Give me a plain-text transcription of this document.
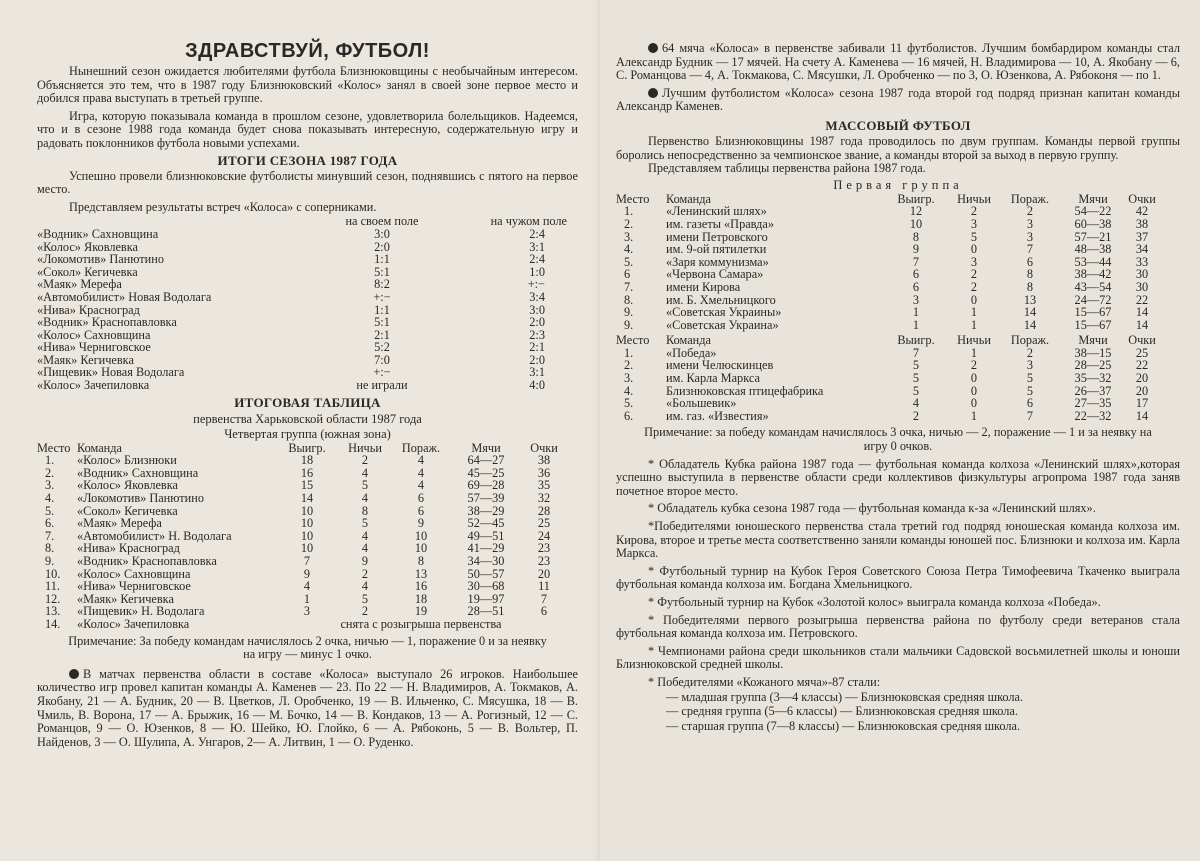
ЗДРАВСТВУЙ, ФУТБОЛ!

Нынешний сезон ожидается любителями футбола Близнюковщины с необычайным интересом. Объясняется это тем, что в 1987 году Близнюковский «Колос» занял в своей зоне первое место и добился права выступать в третьей группе.

Игра, которую показывала команда в прошлом сезоне, удовлетворила болельщиков. Надеемся, что и в сезоне 1988 года команда будет снова показывать интересную, содержательную игру и радовать поклонников футбола новыми успехами.

ИТОГИ СЕЗОНА 1987 ГОДА

Успешно провели близнюковские футболисты минувший сезон, поднявшись с пятого на первое место.

Представляем результаты встреч «Колоса» с соперниками.

	на своем поле	на чужом поле
«Водник» Сахновщина	3:0	2:4
«Колос» Яковлевка	2:0	3:1
«Локомотив» Панютино	1:1	2:4
«Сокол» Кегичевка	5:1	1:0
«Маяк» Мерефа	8:2	+:−
«Автомобилист» Новая Водолага	+:−	3:4
«Нива» Красноград	1:1	3:0
«Водник» Краснопавловка	5:1	2:0
«Колос» Сахновщина	2:1	2:3
«Нива» Черниговское	5:2	2:1
«Маяк» Кегичевка	7:0	2:0
«Пищевик» Новая Водолага	+:−	3:1
«Колос» Зачепиловка	не играли	4:0
ИТОГОВАЯ ТАБЛИЦА
первенства Харьковской области 1987 года
Четвертая группа (южная зона)
Место	Команда	Выигр.	Ничьи	Пораж.	Мячи	Очки
1.	«Колос» Близнюки	18	2	4	64—27	38
2.	«Водник» Сахновщина	16	4	4	45—25	36
3.	«Колос» Яковлевка	15	5	4	69—28	35
4.	«Локомотив» Панютино	14	4	6	57—39	32
5.	«Сокол» Кегичевка	10	8	6	38—29	28
6.	«Маяк» Мерефа	10	5	9	52—45	25
7.	«Автомобилист» Н. Водолага	10	4	10	49—51	24
8.	«Нива» Красноград	10	4	10	41—29	23
9.	«Водник» Краснопавловка	7	9	8	34—30	23
10.	«Колос» Сахновщина	9	2	13	50—57	20
11.	«Нива» Черниговское	4	4	16	30—68	11
12.	«Маяк» Кегичевка	1	5	18	19—97	7
13.	«Пищевик» Н. Водолага	3	2	19	28—51	6
14.	«Колос» Зачепиловка	снята с розыгрыша первенства				

Примечание: За победу командам начислялось 2 очка, ничью — 1, поражение 0 и за неявку на игру — минус 1 очко.

В матчах первенства области в составе «Колоса» выступало 26 игроков. Наибольшее количество игр провел капитан команды А. Каменев — 23. По 22 — Н. Владимиров, А. Токмаков, А. Якобану, 21 — А. Будник, 20 — В. Цветков, Л. Оробченко, 19 — В. Ильченко, С. Мясушка, 18 — В. Чмиль, В. Ворона, 17 — А. Брыжик, 16 — М. Бочко, 14 — В. Кондаков, 13 — А. Рогизный, 12 — С. Романцов, 9 — О. Юзенков, 8 — Ю. Шейко, Ю. Глойко, 6 — А. Рябоконь, 5 — В. Вольтер, П. Найденов, 3 — О. Шулипа, А. Унгаров, 2— А. Литвин, 1 — О. Руденко.

64 мяча «Колоса» в первенстве забивали 11 футболистов. Лучшим бомбардиром команды стал Александр Будник — 17 мячей. На счету А. Каменева — 16 мячей, Н. Владимирова — 10, А. Якобану — 6, С. Романцова — 4, А. Токмакова, С. Мясушки, Л. Оробченко — по 3, О. Юзенкова, А. Рябоконя — по 1.

Лучшим футболистом «Колоса» сезона 1987 года второй год подряд признан капитан команды Александр Каменев.

МАССОВЫЙ ФУТБОЛ

Первенство Близнюковщины 1987 года проводилось по двум группам. Команды первой группы боролись непосредственно за чемпионское звание, а команды второй за выход в первую группу.

Представляем таблицы первенства района 1987 года.

Первая группа
Место	Команда	Выигр.	Ничьи	Пораж.	Мячи	Очки
1.	«Ленинский шлях»	12	2	2	54—22	42
2.	им. газеты «Правда»	10	3	3	60—38	38
3.	имени Петровского	8	5	3	57—21	37
4.	им. 9-ой пятилетки	9	0	7	48—38	34
5.	«Заря коммунизма»	7	3	6	53—44	33
6	«Червона Самара»	6	2	8	38—42	30
7.	имени Кирова	6	2	8	43—54	30
8.	им. Б. Хмельницкого	3	0	13	24—72	22
9.	«Советская Украины»	1	1	14	15—67	14
9.	«Советская Украина»	1	1	14	15—67	14
Место	Команда	Выигр.	Ничьи	Пораж.	Мячи	Очки
1.	«Победа»	7	1	2	38—15	25
2.	имени Челюскинцев	5	2	3	28—25	22
3.	им. Карла Маркса	5	0	5	35—32	20
4.	Близнюковская птицефабрика	5	0	5	26—37	20
5.	«Большевик»	4	0	6	27—35	17
6.	им. газ. «Известия»	2	1	7	22—32	14

Примечание: за победу командам начислялось 3 очка, ничью — 2, поражение — 1 и за неявку на игру 0 очков.

* Обладатель Кубка района 1987 года — футбольная команда колхоза «Ленинский шлях»,которая успешно выступила в первенстве области среди коллективов физкультуры агропрома 1987 года заняв почетное второе место.

* Обладатель кубка сезона 1987 года — футбольная команда к-за «Ленинский шлях».

*Победителями юношеского первенства стала третий год подряд юношеская команда колхоза им. Кирова, второе и третье места соответственно заняли команды юношей пос. Близнюки и колхоза им. Карла Маркса.

* Футбольный турнир на Кубок Героя Советского Союза Петра Тимофеевича Ткаченко выиграла футбольная команда колхоза им. Богдана Хмельницкого.

* Футбольный турнир на Кубок «Золотой колос» выиграла команда колхоза «Победа».

* Победителями первого розыгрыша первенства района по футболу среди ветеранов стала футбольная команда колхоза им. Петровского.

* Чемпионами района среди школьников стали мальчики Садовской восьмилетней школы и юноши Близнюковской средней школы.

* Победителями «Кожаного мяча»-87 стали:

— младшая группа (3—4 классы) — Близнюковская средняя школа.
— средняя группа (5—6 классы) — Близнюковская средняя школа.
— старшая группа (7—8 классы) — Близнюковская средняя школа.
